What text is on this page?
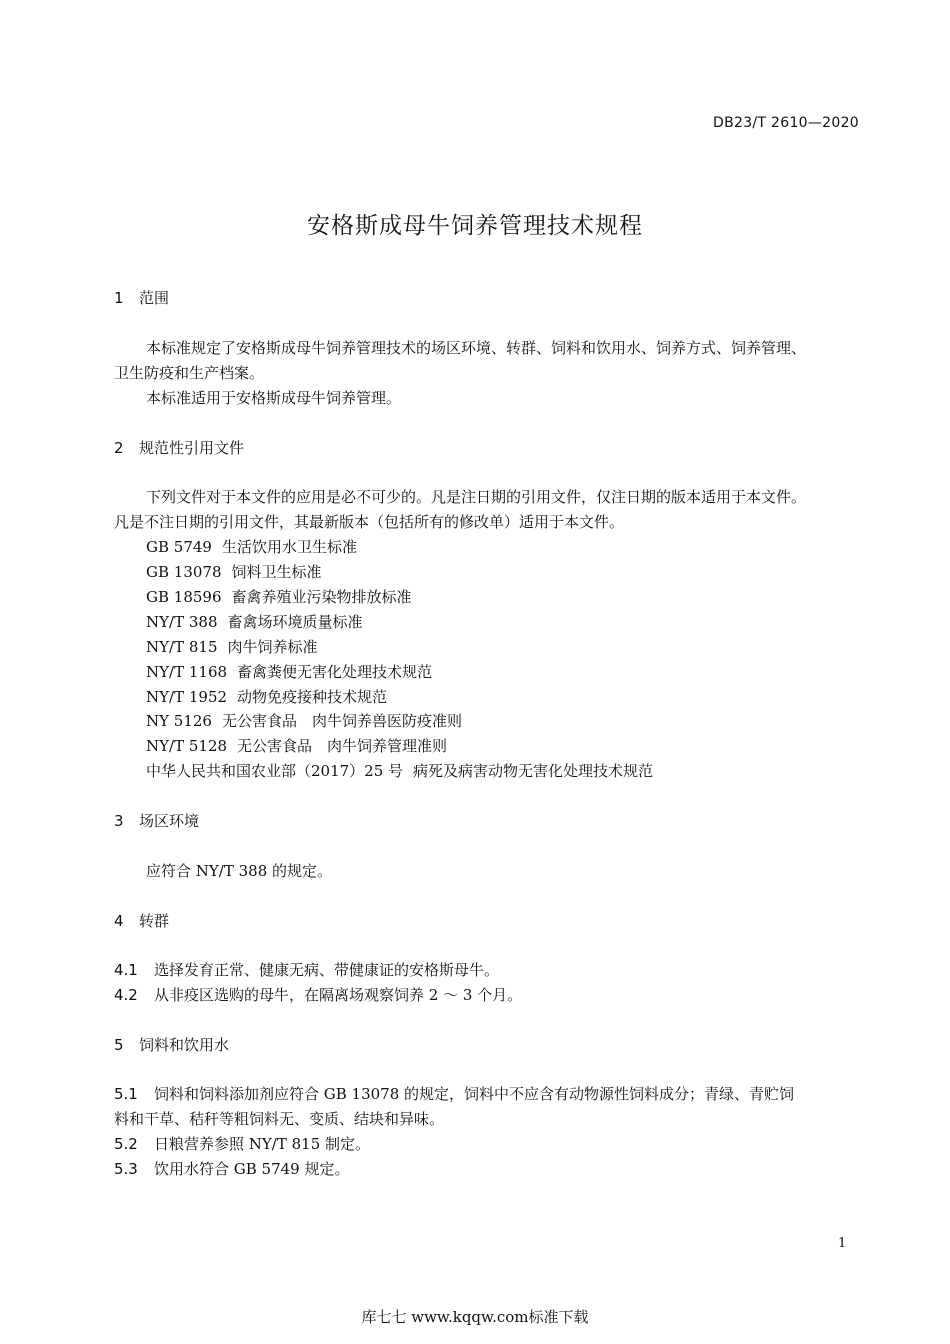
DB23/T 2610—2020
安格斯成母牛饲养管理技术规程
1 范围
本标准规定了安格斯成母牛饲养管理技术的场区环境、转群、饲料和饮用水、饲养方式、饲养管理、
卫生防疫和生产档案。
本标准适用于安格斯成母牛饲养管理。
2 规范性引用文件
下列文件对于本文件的应用是必不可少的。凡是注日期的引用文件，仅注日期的版本适用于本文件。
凡是不注日期的引用文件，其最新版本（包括所有的修改单）适用于本文件。
GB 5749 生活饮用水卫生标准
GB 13078 饲料卫生标准
GB 18596 畜禽养殖业污染物排放标准
NY/T 388 畜禽场环境质量标准
NY/T 815 肉牛饲养标准
NY/T 1168 畜禽粪便无害化处理技术规范
NY/T 1952 动物免疫接种技术规范
NY 5126 无公害食品　肉牛饲养兽医防疫准则
NY/T 5128 无公害食品　肉牛饲养管理准则
中华人民共和国农业部（2017）25 号 病死及病害动物无害化处理技术规范
3 场区环境
应符合 NY/T 388 的规定。
4 转群
4.1 选择发育正常、健康无病、带健康证的安格斯母牛。
4.2 从非疫区选购的母牛，在隔离场观察饲养 2 ～ 3 个月。
5 饲料和饮用水
5.1 饲料和饲料添加剂应符合 GB 13078 的规定，饲料中不应含有动物源性饲料成分；青绿、青贮饲
料和干草、秸秆等粗饲料无、变质、结块和异味。
5.2 日粮营养参照 NY/T 815 制定。
5.3 饮用水符合 GB 5749 规定。
1
库七七 www.kqqw.com标准下载
